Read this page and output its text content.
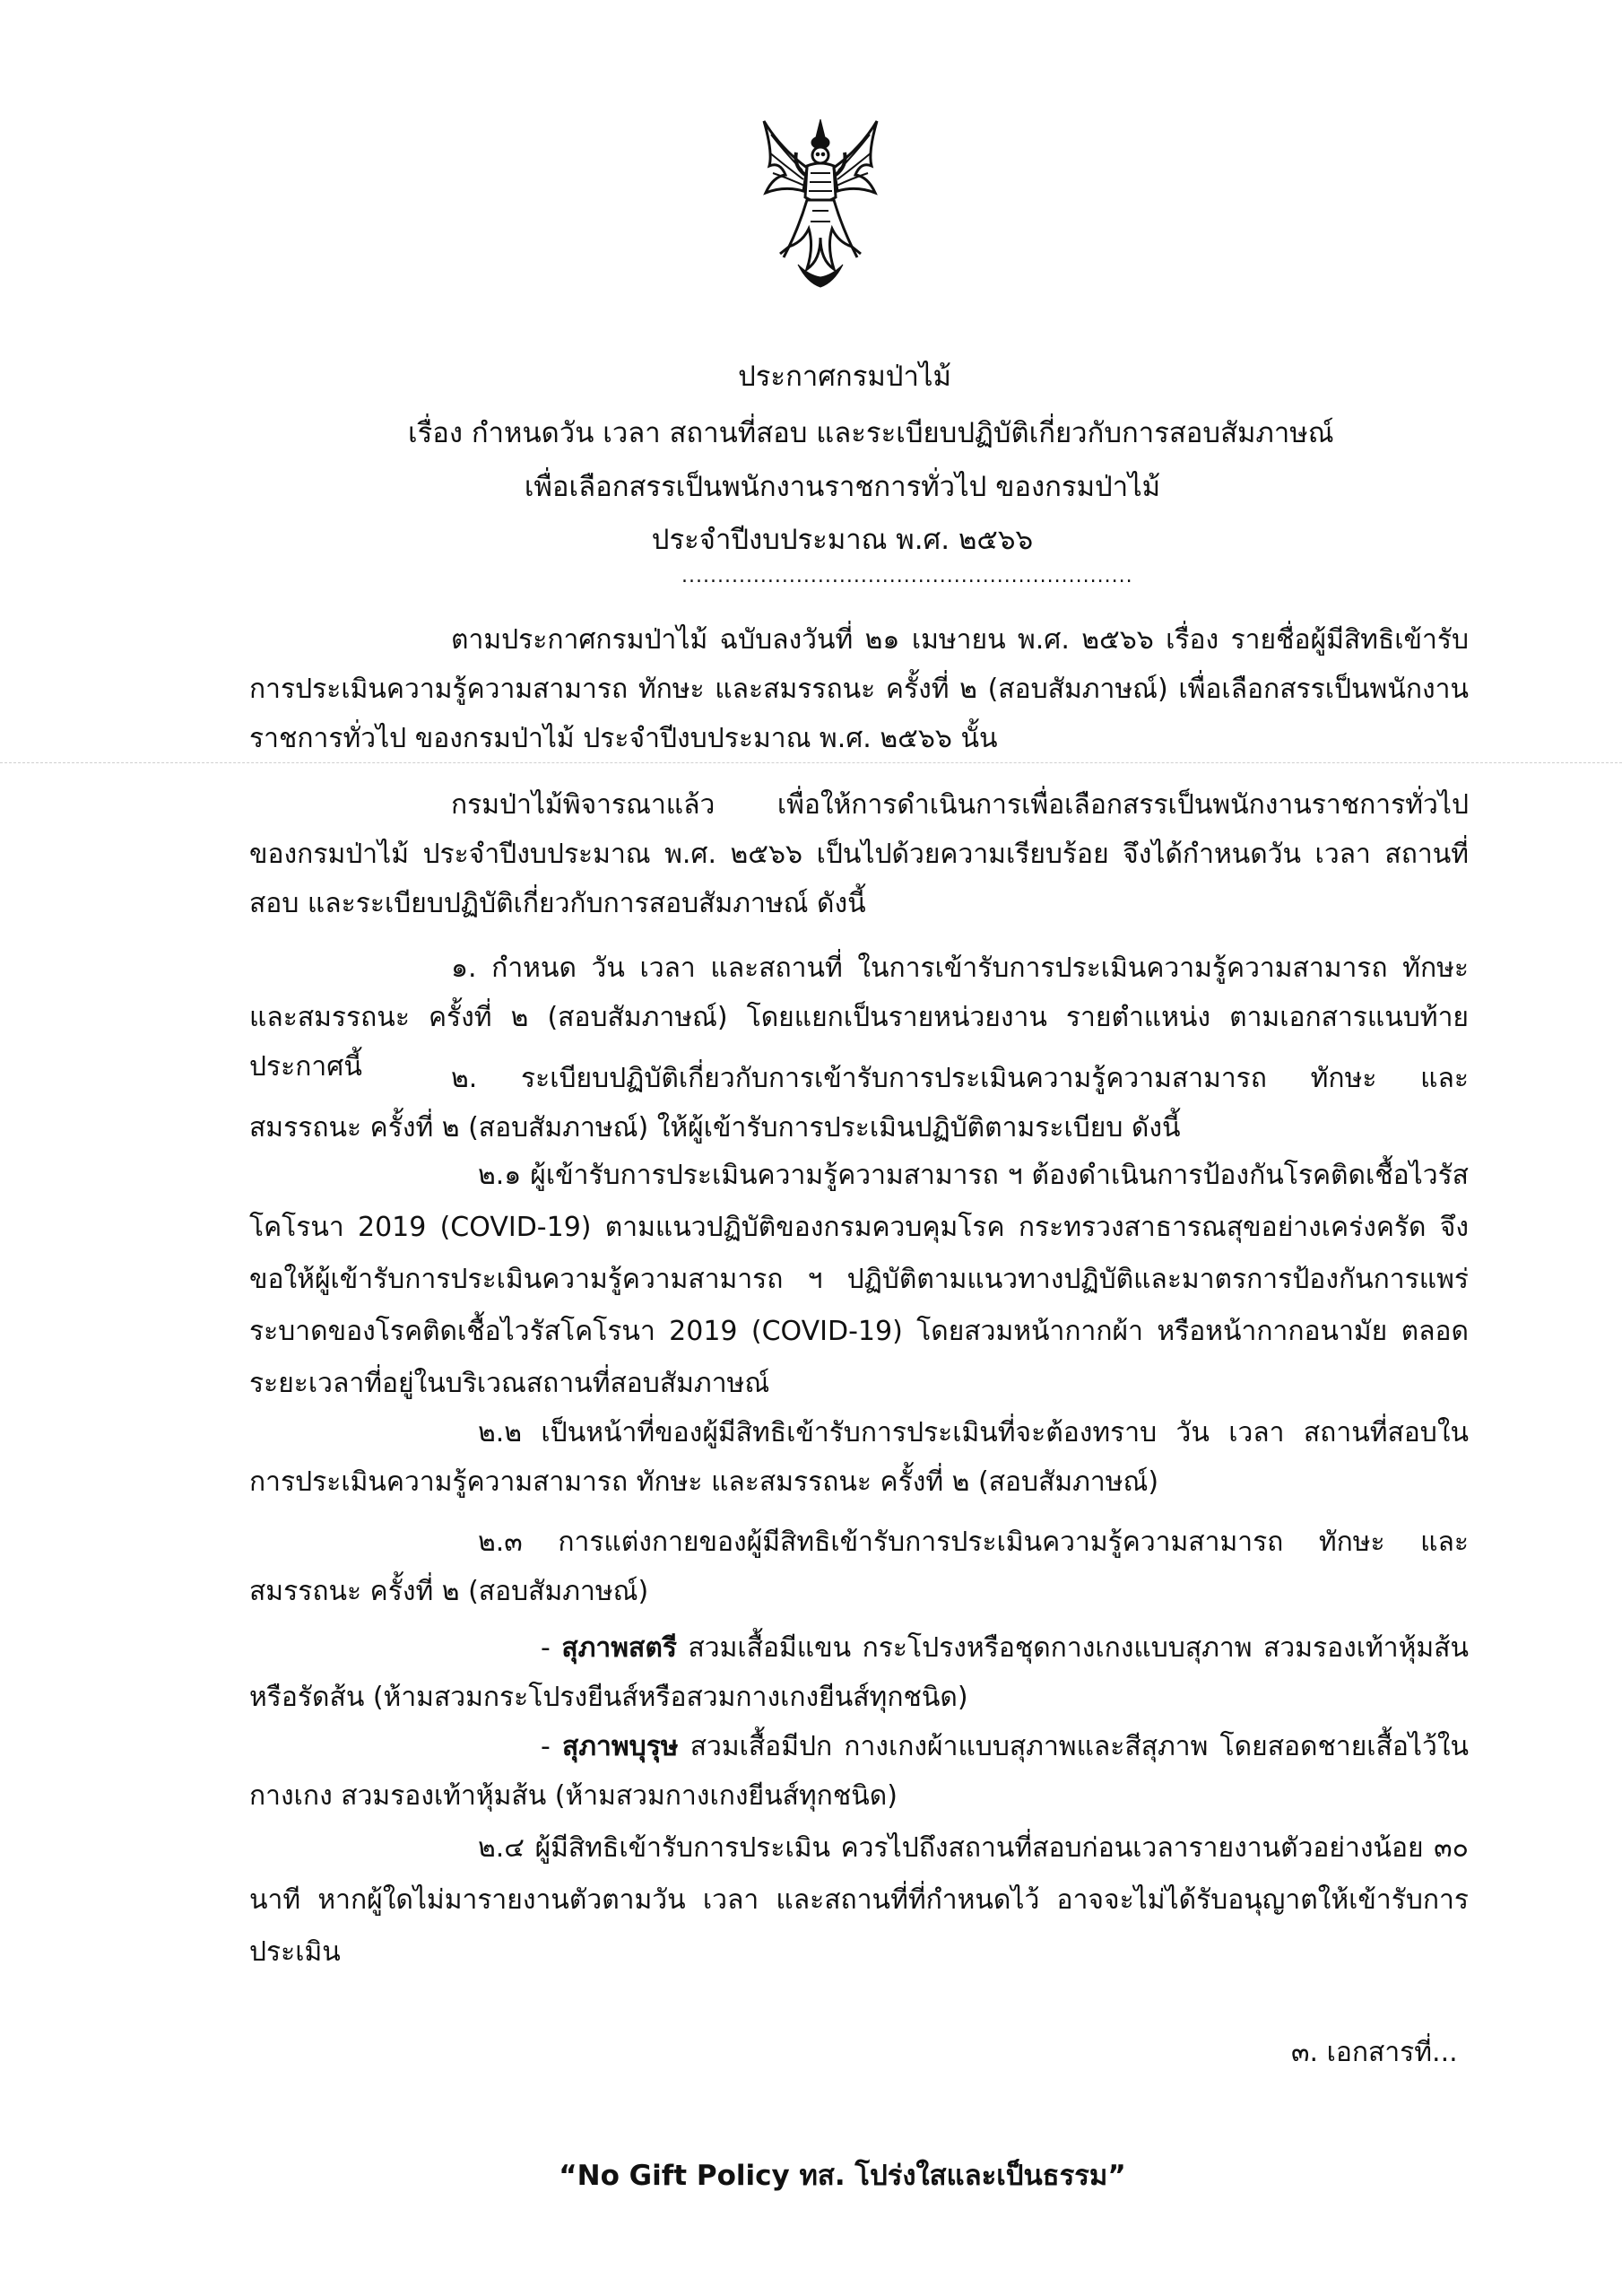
ประกาศกรมป่าไม้
เรื่อง กำหนดวัน เวลา สถานที่สอบ และระเบียบปฏิบัติเกี่ยวกับการสอบสัมภาษณ์
เพื่อเลือกสรรเป็นพนักงานราชการทั่วไป ของกรมป่าไม้
ประจำปีงบประมาณ พ.ศ. ๒๕๖๖
...............................................................
ตามประกาศกรมป่าไม้ ฉบับลงวันที่ ๒๑ เมษายน พ.ศ. ๒๕๖๖ เรื่อง รายชื่อผู้มีสิทธิเข้ารับการประเมินความรู้ความสามารถ ทักษะ และสมรรถนะ ครั้งที่ ๒ (สอบสัมภาษณ์) เพื่อเลือกสรรเป็นพนักงานราชการทั่วไป ของกรมป่าไม้ ประจำปีงบประมาณ พ.ศ. ๒๕๖๖ นั้น
กรมป่าไม้พิจารณาแล้ว เพื่อให้การดำเนินการเพื่อเลือกสรรเป็นพนักงานราชการทั่วไป ของกรมป่าไม้ ประจำปีงบประมาณ พ.ศ. ๒๕๖๖ เป็นไปด้วยความเรียบร้อย จึงได้กำหนดวัน เวลา สถานที่สอบ และระเบียบปฏิบัติเกี่ยวกับการสอบสัมภาษณ์ ดังนี้
๑. กำหนด วัน เวลา และสถานที่ ในการเข้ารับการประเมินความรู้ความสามารถ ทักษะ และสมรรถนะ ครั้งที่ ๒ (สอบสัมภาษณ์) โดยแยกเป็นรายหน่วยงาน รายตำแหน่ง ตามเอกสารแนบท้ายประกาศนี้	๒. ระเบียบปฏิบัติเกี่ยวกับการเข้ารับการประเมินความรู้ความสามารถ ทักษะ และสมรรถนะ ครั้งที่ ๒ (สอบสัมภาษณ์) ให้ผู้เข้ารับการประเมินปฏิบัติตามระเบียบ ดังนี้
๒.๑ ผู้เข้ารับการประเมินความรู้ความสามารถ ฯ ต้องดำเนินการป้องกันโรคติดเชื้อไวรัสโคโรนา 2019 (COVID-19) ตามแนวปฏิบัติของกรมควบคุมโรค กระทรวงสาธารณสุขอย่างเคร่งครัด จึงขอให้ผู้เข้ารับการประเมินความรู้ความสามารถ ฯ ปฏิบัติตามแนวทางปฏิบัติและมาตรการป้องกันการแพร่ระบาดของโรคติดเชื้อไวรัสโคโรนา 2019 (COVID-19) โดยสวมหน้ากากผ้า หรือหน้ากากอนามัย ตลอดระยะเวลาที่อยู่ในบริเวณสถานที่สอบสัมภาษณ์
๒.๒ เป็นหน้าที่ของผู้มีสิทธิเข้ารับการประเมินที่จะต้องทราบ วัน เวลา สถานที่สอบในการประเมินความรู้ความสามารถ ทักษะ และสมรรถนะ ครั้งที่ ๒ (สอบสัมภาษณ์)
๒.๓ การแต่งกายของผู้มีสิทธิเข้ารับการประเมินความรู้ความสามารถ ทักษะ และสมรรถนะ ครั้งที่ ๒ (สอบสัมภาษณ์)
- สุภาพสตรี สวมเสื้อมีแขน กระโปรงหรือชุดกางเกงแบบสุภาพ สวมรองเท้าหุ้มส้น หรือรัดส้น (ห้ามสวมกระโปรงยีนส์หรือสวมกางเกงยีนส์ทุกชนิด)
- สุภาพบุรุษ สวมเสื้อมีปก กางเกงผ้าแบบสุภาพและสีสุภาพ โดยสอดชายเสื้อไว้ในกางเกง สวมรองเท้าหุ้มส้น (ห้ามสวมกางเกงยีนส์ทุกชนิด)
๒.๔ ผู้มีสิทธิเข้ารับการประเมิน ควรไปถึงสถานที่สอบก่อนเวลารายงานตัวอย่างน้อย ๓๐ นาที หากผู้ใดไม่มารายงานตัวตามวัน เวลา และสถานที่ที่กำหนดไว้ อาจจะไม่ได้รับอนุญาตให้เข้ารับการประเมิน
๓. เอกสารที่...
“No Gift Policy ทส. โปร่งใสและเป็นธรรม”
